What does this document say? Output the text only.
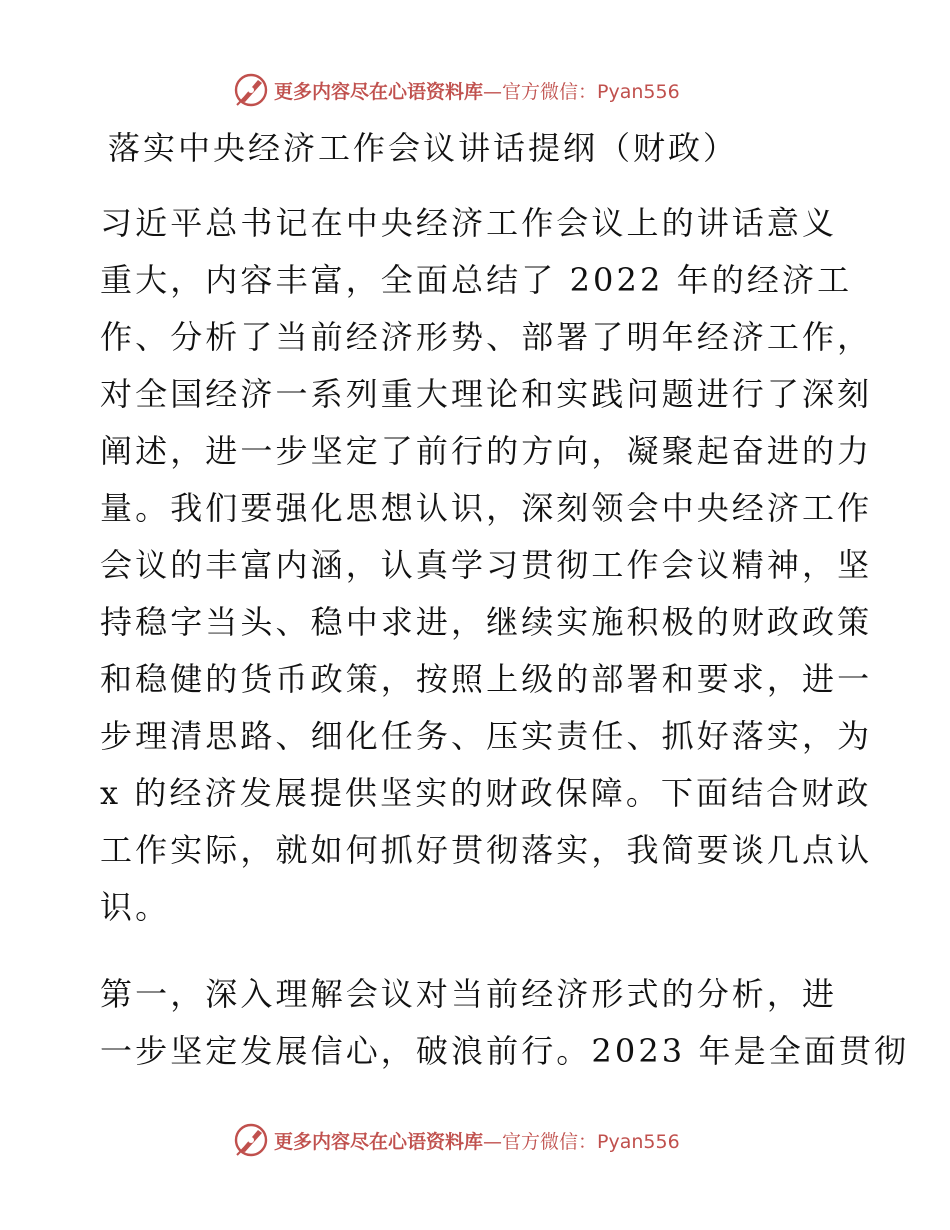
更多内容尽在心语资料库—官方微信：Pyan556
落实中央经济工作会议讲话提纲（财政）
习近平总书记在中央经济工作会议上的讲话意义
重大，内容丰富，全面总结了 2022 年的经济工
作、分析了当前经济形势、部署了明年经济工作，
对全国经济一系列重大理论和实践问题进行了深刻
阐述，进一步坚定了前行的方向，凝聚起奋进的力
量。我们要强化思想认识，深刻领会中央经济工作
会议的丰富内涵，认真学习贯彻工作会议精神，坚
持稳字当头、稳中求进，继续实施积极的财政政策
和稳健的货币政策，按照上级的部署和要求，进一
步理清思路、细化任务、压实责任、抓好落实，为
x 的经济发展提供坚实的财政保障。下面结合财政
工作实际，就如何抓好贯彻落实，我简要谈几点认
识。
第一，深入理解会议对当前经济形式的分析，进
一步坚定发展信心，破浪前行。2023 年是全面贯彻
更多内容尽在心语资料库—官方微信：Pyan556
